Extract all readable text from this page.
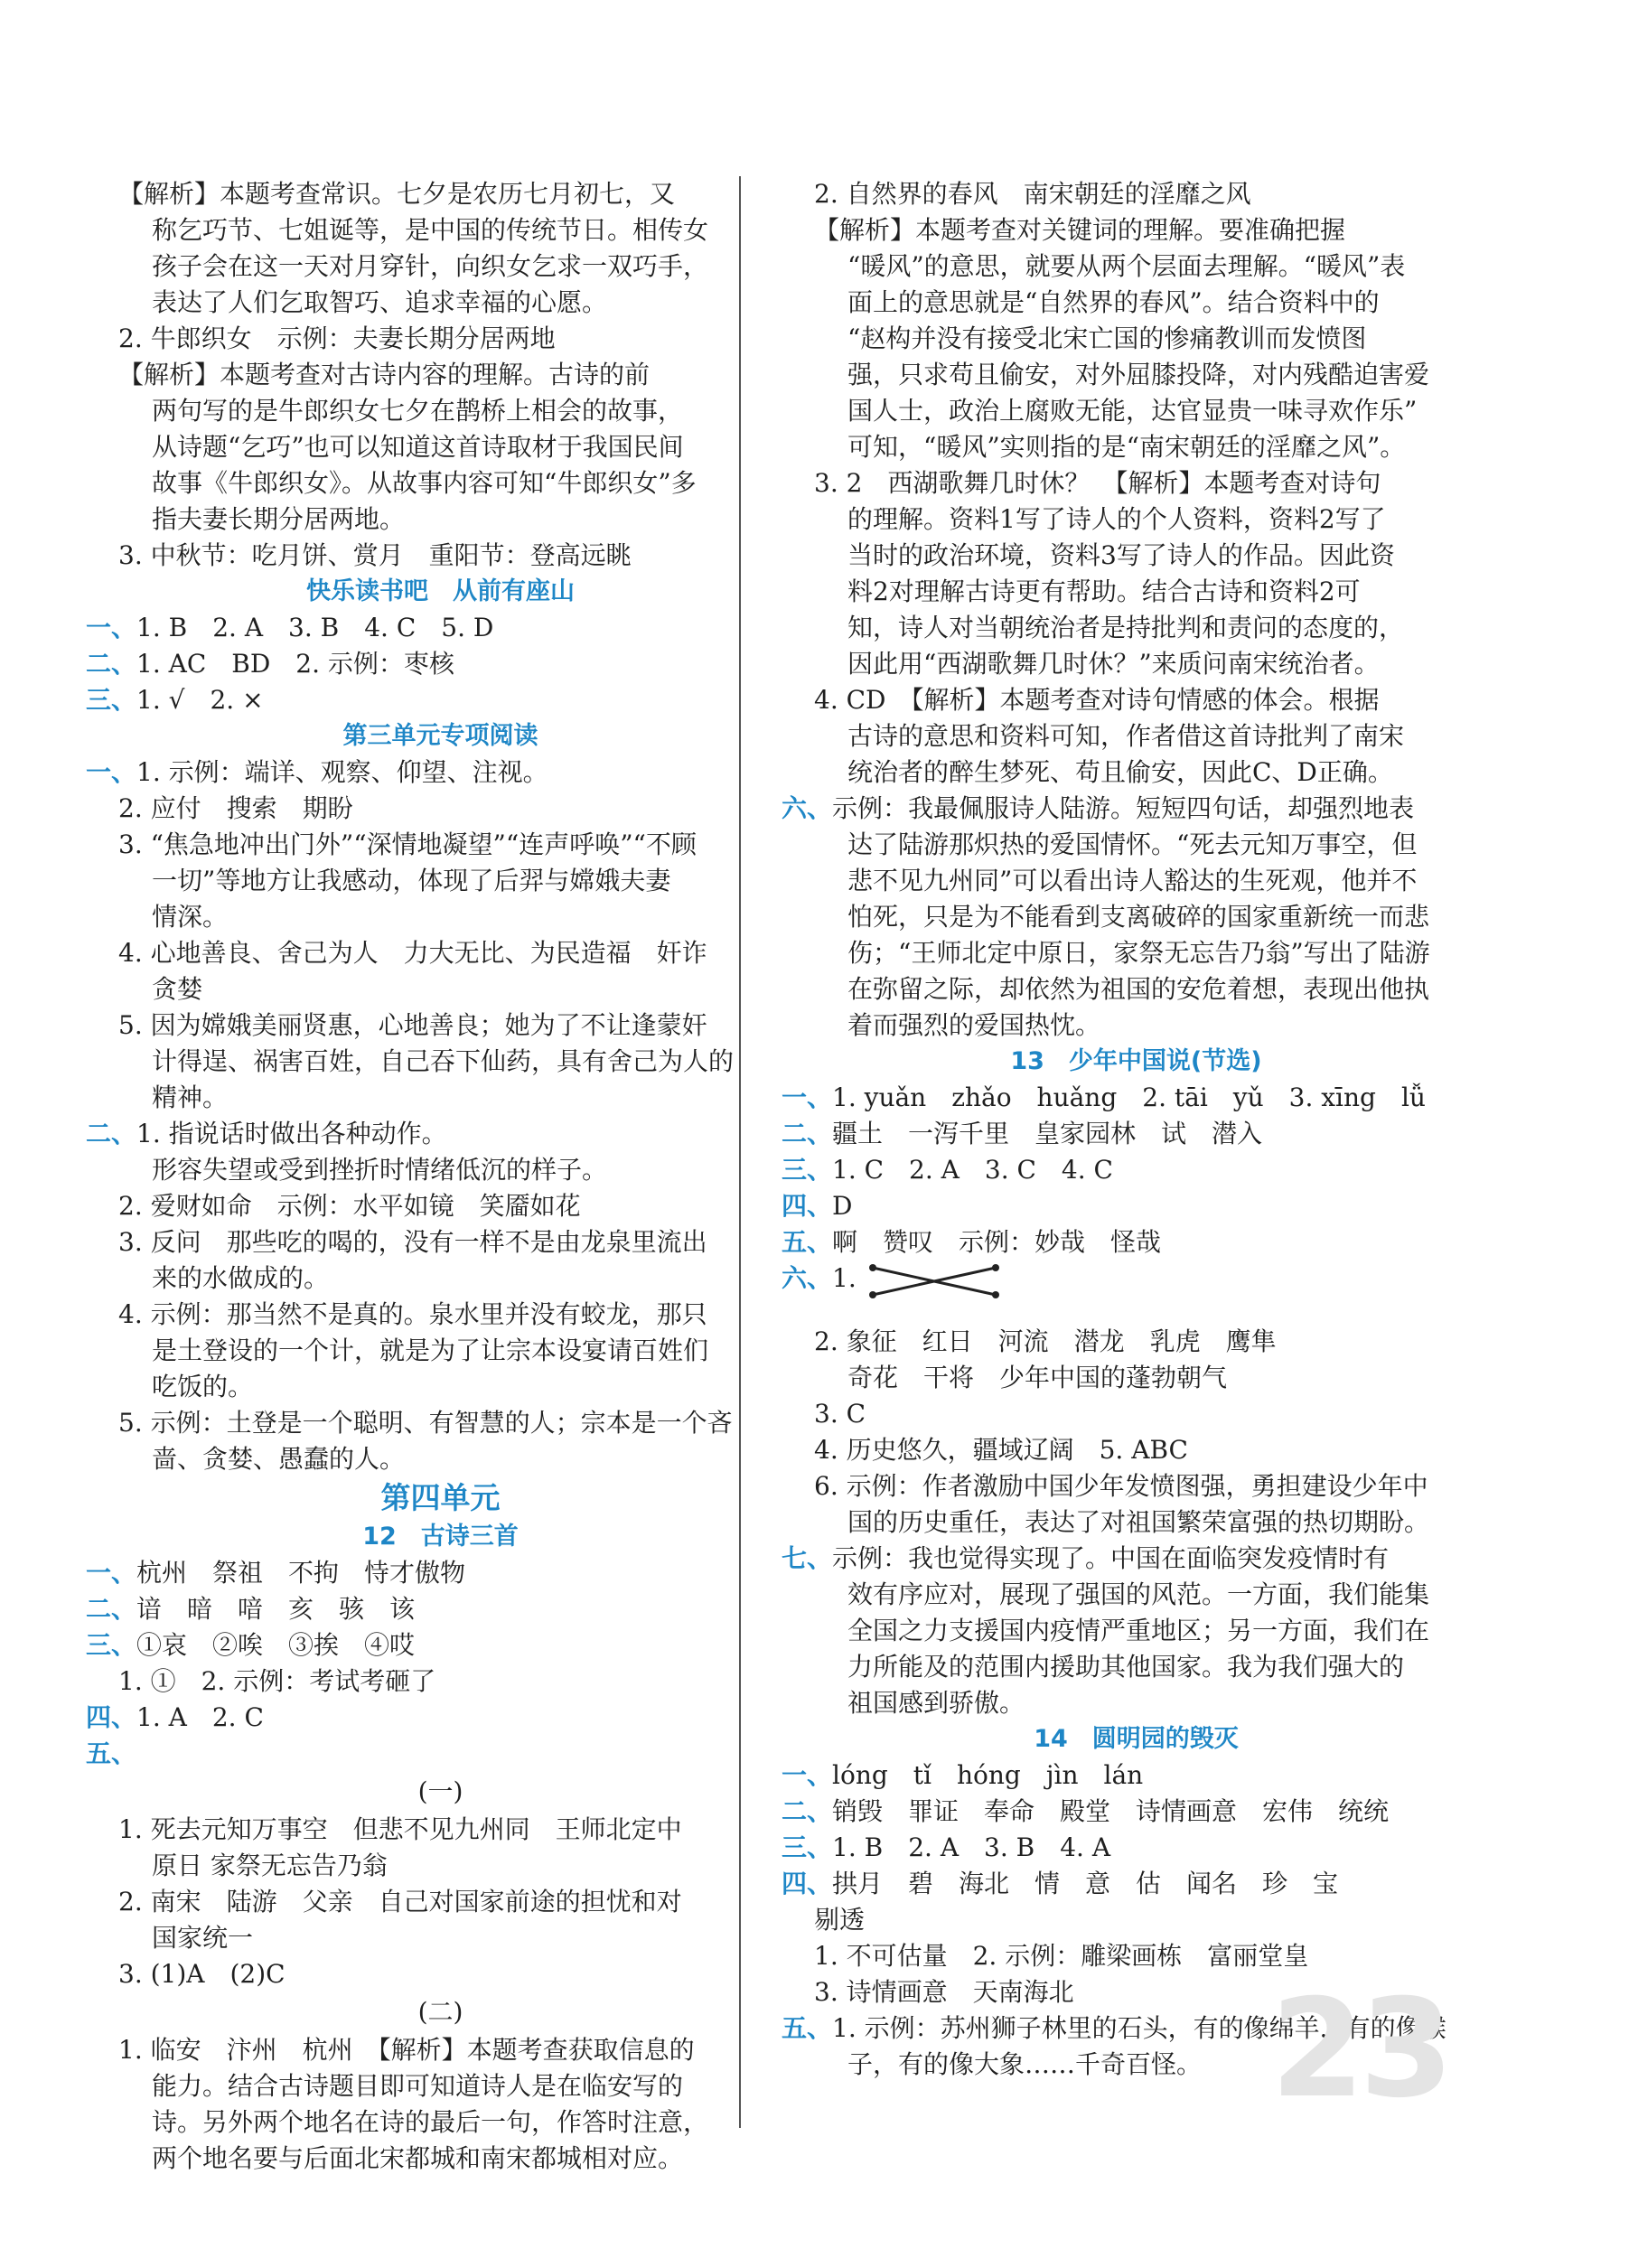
【解析】本题考查常识。七夕是农历七月初七，又
称乞巧节、七姐诞等，是中国的传统节日。相传女
孩子会在这一天对月穿针，向织女乞求一双巧手，
表达了人们乞取智巧、追求幸福的心愿。
2. 牛郎织女　示例：夫妻长期分居两地
【解析】本题考查对古诗内容的理解。古诗的前
两句写的是牛郎织女七夕在鹊桥上相会的故事，
从诗题“乞巧”也可以知道这首诗取材于我国民间
故事《牛郎织女》。从故事内容可知“牛郎织女”多
指夫妻长期分居两地。
3. 中秋节：吃月饼、赏月　重阳节：登高远眺
快乐读书吧　从前有座山
一、1. B　2. A　3. B　4. C　5. D
二、1. AC　BD　2. 示例：枣核
三、1. √　2. ×
第三单元专项阅读
一、1. 示例：端详、观察、仰望、注视。
2. 应付　搜索　期盼
3. “焦急地冲出门外”“深情地凝望”“连声呼唤”“不顾
一切”等地方让我感动，体现了后羿与嫦娥夫妻
情深。
4. 心地善良、舍己为人　力大无比、为民造福　奸诈
贪婪
5. 因为嫦娥美丽贤惠，心地善良；她为了不让逢蒙奸
计得逞、祸害百姓，自己吞下仙药，具有舍己为人的
精神。
二、1. 指说话时做出各种动作。
形容失望或受到挫折时情绪低沉的样子。
2. 爱财如命　示例：水平如镜　笑靥如花
3. 反问　那些吃的喝的，没有一样不是由龙泉里流出
来的水做成的。
4. 示例：那当然不是真的。泉水里并没有蛟龙，那只
是土登设的一个计，就是为了让宗本设宴请百姓们
吃饭的。
5. 示例：土登是一个聪明、有智慧的人；宗本是一个吝
啬、贪婪、愚蠢的人。
第四单元
12　古诗三首
一、杭州　祭祖　不拘　恃才傲物
二、谙　暗　喑　亥　骇　该
三、①哀　②唉　③挨　④哎
1. ①　2. 示例：考试考砸了
四、1. A　2. C
五、
(一)
1. 死去元知万事空　但悲不见九州同　王师北定中
原日 家祭无忘告乃翁
2. 南宋　陆游　父亲　自己对国家前途的担忧和对
国家统一
3. (1)A　(2)C
(二)
1. 临安　汴州　杭州　【解析】本题考查获取信息的
能力。结合古诗题目即可知道诗人是在临安写的
诗。另外两个地名在诗的最后一句，作答时注意，
两个地名要与后面北宋都城和南宋都城相对应。
2. 自然界的春风　南宋朝廷的淫靡之风
【解析】本题考查对关键词的理解。要准确把握
“暖风”的意思，就要从两个层面去理解。“暖风”表
面上的意思就是“自然界的春风”。结合资料中的
“赵构并没有接受北宋亡国的惨痛教训而发愤图
强，只求苟且偷安，对外屈膝投降，对内残酷迫害爱
国人士，政治上腐败无能，达官显贵一味寻欢作乐”
可知，“暖风”实则指的是“南宋朝廷的淫靡之风”。
3. 2　西湖歌舞几时休？　【解析】本题考查对诗句
的理解。资料1写了诗人的个人资料，资料2写了
当时的政治环境，资料3写了诗人的作品。因此资
料2对理解古诗更有帮助。结合古诗和资料2可
知，诗人对当朝统治者是持批判和责问的态度的，
因此用“西湖歌舞几时休？”来质问南宋统治者。
4. CD　【解析】本题考查对诗句情感的体会。根据
古诗的意思和资料可知，作者借这首诗批判了南宋
统治者的醉生梦死、苟且偷安，因此C、D正确。
六、示例：我最佩服诗人陆游。短短四句话，却强烈地表
达了陆游那炽热的爱国情怀。“死去元知万事空，但
悲不见九州同”可以看出诗人豁达的生死观，他并不
怕死，只是为不能看到支离破碎的国家重新统一而悲
伤；“王师北定中原日，家祭无忘告乃翁”写出了陆游
在弥留之际，却依然为祖国的安危着想，表现出他执
着而强烈的爱国热忱。
13　少年中国说(节选)
一、1. yuǎn　zhǎo　huǎng　2. tāi　yǔ　3. xīng　lǚ
二、疆土　一泻千里　皇家园林　试　潜入
三、1. C　2. A　3. C　4. C
四、D
五、啊　赞叹　示例：妙哉　怪哉
六、1.
2. 象征　红日　河流　潜龙　乳虎　鹰隼
奇花　干将　少年中国的蓬勃朝气
3. C
4. 历史悠久，疆域辽阔　5. ABC
6. 示例：作者激励中国少年发愤图强，勇担建设少年中
国的历史重任，表达了对祖国繁荣富强的热切期盼。
七、示例：我也觉得实现了。中国在面临突发疫情时有
效有序应对，展现了强国的风范。一方面，我们能集
全国之力支援国内疫情严重地区；另一方面，我们在
力所能及的范围内援助其他国家。我为我们强大的
祖国感到骄傲。
14　圆明园的毁灭
一、lóng　tǐ　hóng　jìn　lán
二、销毁　罪证　奉命　殿堂　诗情画意　宏伟　统统
三、1. B　2. A　3. B　4. A
四、拱月　碧　海北　情　意　估　闻名　珍　宝
剔透
1. 不可估量　2. 示例：雕梁画栋　富丽堂皇
3. 诗情画意　天南海北
五、1. 示例：苏州狮子林里的石头，有的像绵羊，有的像猴
子，有的像大象……千奇百怪。 23
